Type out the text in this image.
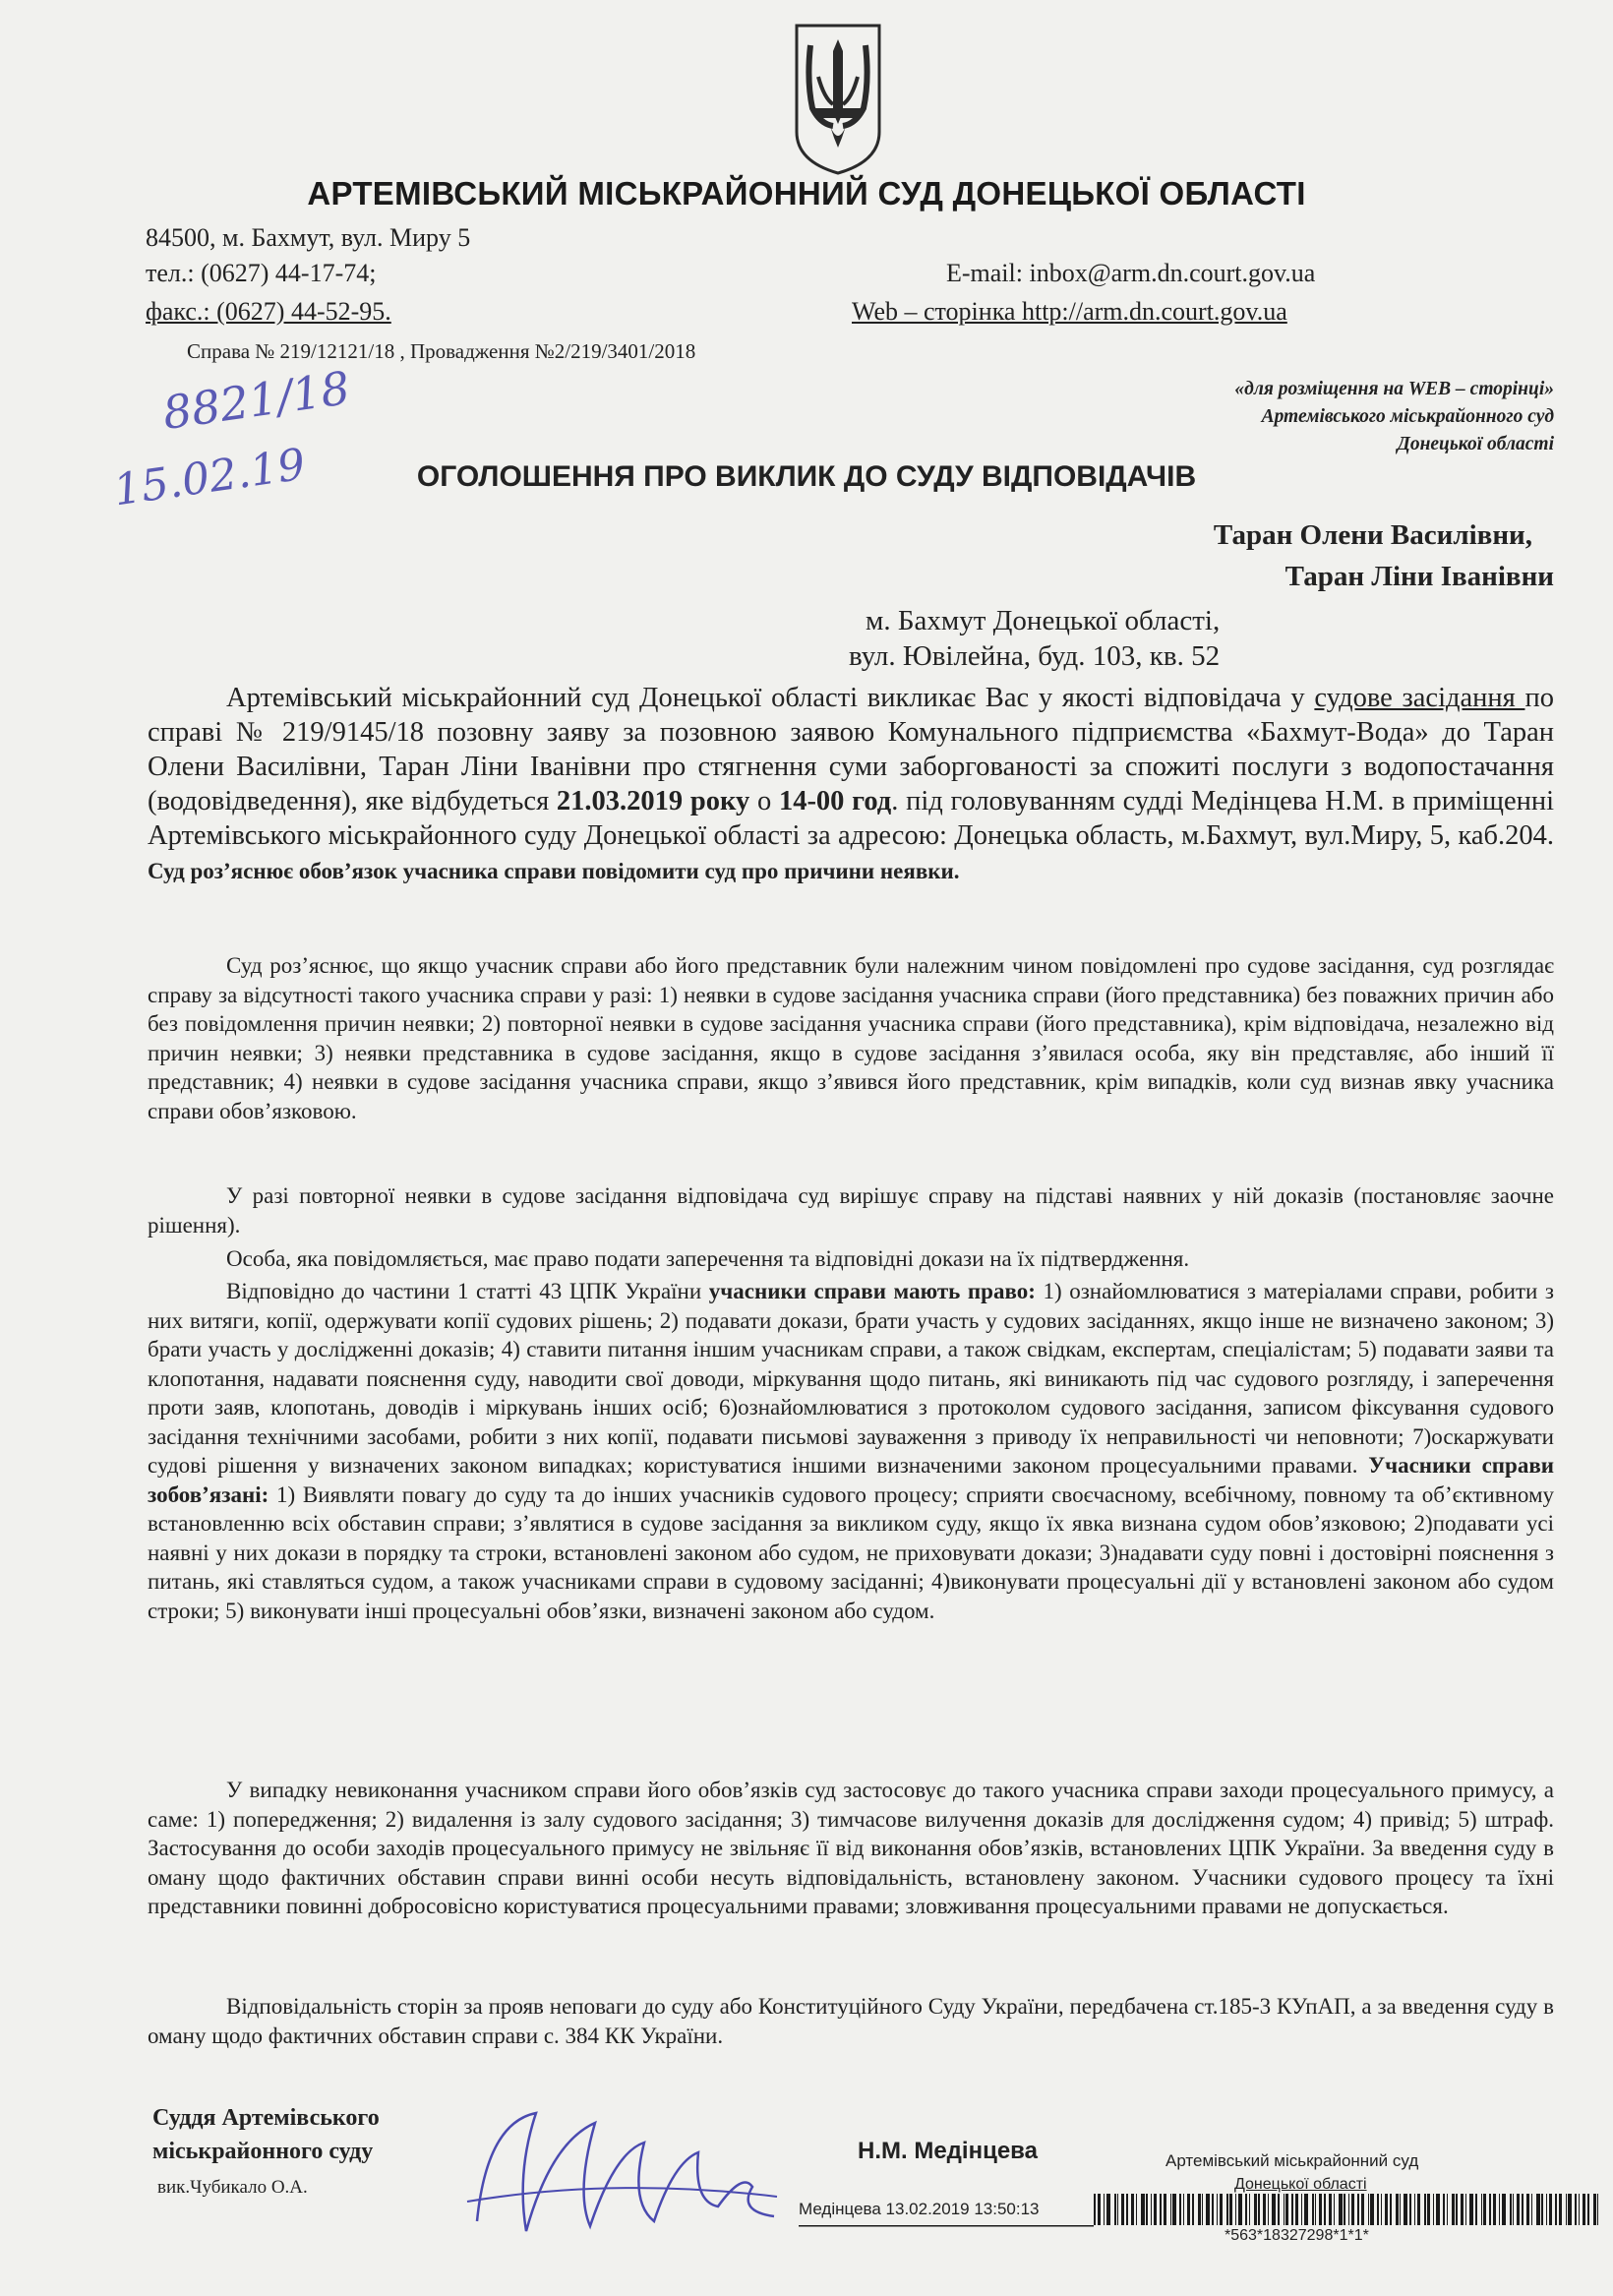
АРТЕМІВСЬКИЙ МІСЬКРАЙОННИЙ СУД ДОНЕЦЬКОЇ ОБЛАСТІ
84500, м. Бахмут, вул. Миру 5
тел.: (0627) 44-17-74;
факс.: (0627) 44-52-95.
E-mail: inbox@arm.dn.court.gov.ua
Web – сторінка http://arm.dn.court.gov.ua
Справа № 219/12121/18 , Провадження №2/219/3401/2018
8821/18
15.02.19
«для розміщення на WEB – сторінці»
Артемівського міськрайонного суд
Донецької області
ОГОЛОШЕННЯ ПРО ВИКЛИК ДО СУДУ ВІДПОВІДАЧІВ
Таран Олени Василівни,
Таран Ліни Іванівни
м. Бахмут Донецької області,
вул. Ювілейна, буд. 103, кв. 52
Артемівський міськрайонний суд Донецької області викликає Вас у якості відповідача у судове засідання по справі № 219/9145/18 позовну заяву за позовною заявою Комунального підприємства «Бахмут-Вода» до Таран Олени Василівни, Таран Ліни Іванівни про стягнення суми заборгованості за спожиті послуги з водопостачання (водовідведення), яке відбудеться 21.03.2019 року о 14-00 год. під головуванням судді Медінцева Н.М. в приміщенні Артемівського міськрайонного суду Донецької області за адресою: Донецька область, м.Бахмут, вул.Миру, 5, каб.204. Суд роз’яснює обов’язок учасника справи повідомити суд про причини неявки.
Суд роз’яснює, що якщо учасник справи або його представник були належним чином повідомлені про судове засідання, суд розглядає справу за відсутності такого учасника справи у разі: 1) неявки в судове засідання учасника справи (його представника) без поважних причин або без повідомлення причин неявки; 2) повторної неявки в судове засідання учасника справи (його представника), крім відповідача, незалежно від причин неявки; 3) неявки представника в судове засідання, якщо в судове засідання з’явилася особа, яку він представляє, або інший її представник; 4) неявки в судове засідання учасника справи, якщо з’явився його представник, крім випадків, коли суд визнав явку учасника справи обов’язковою.
У разі повторної неявки в судове засідання відповідача суд вирішує справу на підставі наявних у ній доказів (постановляє заочне рішення).
Особа, яка повідомляється, має право подати заперечення та відповідні докази на їх підтвердження.
Відповідно до частини 1 статті 43 ЦПК України учасники справи мають право: 1) ознайомлюватися з матеріалами справи, робити з них витяги, копії, одержувати копії судових рішень; 2) подавати докази, брати участь у судових засіданнях, якщо інше не визначено законом; 3) брати участь у дослідженні доказів; 4) ставити питання іншим учасникам справи, а також свідкам, експертам, спеціалістам; 5) подавати заяви та клопотання, надавати пояснення суду, наводити свої доводи, міркування щодо питань, які виникають під час судового розгляду, і заперечення проти заяв, клопотань, доводів і міркувань інших осіб; 6)ознайомлюватися з протоколом судового засідання, записом фіксування судового засідання технічними засобами, робити з них копії, подавати письмові зауваження з приводу їх неправильності чи неповноти; 7)оскаржувати судові рішення у визначених законом випадках; користуватися іншими визначеними законом процесуальними правами. Учасники справи зобов’язані: 1) Виявляти повагу до суду та до інших учасників судового процесу; сприяти своєчасному, всебічному, повному та об’єктивному встановленню всіх обставин справи; з’являтися в судове засідання за викликом суду, якщо їх явка визнана судом обов’язковою; 2)подавати усі наявні у них докази в порядку та строки, встановлені законом або судом, не приховувати докази; 3)надавати суду повні і достовірні пояснення з питань, які ставляться судом, а також учасниками справи в судовому засіданні; 4)виконувати процесуальні дії у встановлені законом або судом строки; 5) виконувати інші процесуальні обов’язки, визначені законом або судом.
У випадку невиконання учасником справи його обов’язків суд застосовує до такого учасника справи заходи процесуального примусу, а саме: 1) попередження; 2) видалення із залу судового засідання; 3) тимчасове вилучення доказів для дослідження судом; 4) привід; 5) штраф. Застосування до особи заходів процесуального примусу не звільняє її від виконання обов’язків, встановлених ЦПК України. За введення суду в оману щодо фактичних обставин справи винні особи несуть відповідальність, встановлену законом. Учасники судового процесу та їхні представники повинні добросовісно користуватися процесуальними правами; зловживання процесуальними правами не допускається.
Відповідальність сторін за прояв неповаги до суду або Конституційного Суду України, передбачена ст.185-3 КУпАП, а за введення суду в оману щодо фактичних обставин справи с. 384 КК України.
Суддя Артемівського
міськрайонного суду
вик.Чубикало О.А.
Н.М. Медінцева	Артемівський міськрайонний суд
Донецької області
Медінцева 13.02.2019 13:50:13
*563*18327298*1*1*
